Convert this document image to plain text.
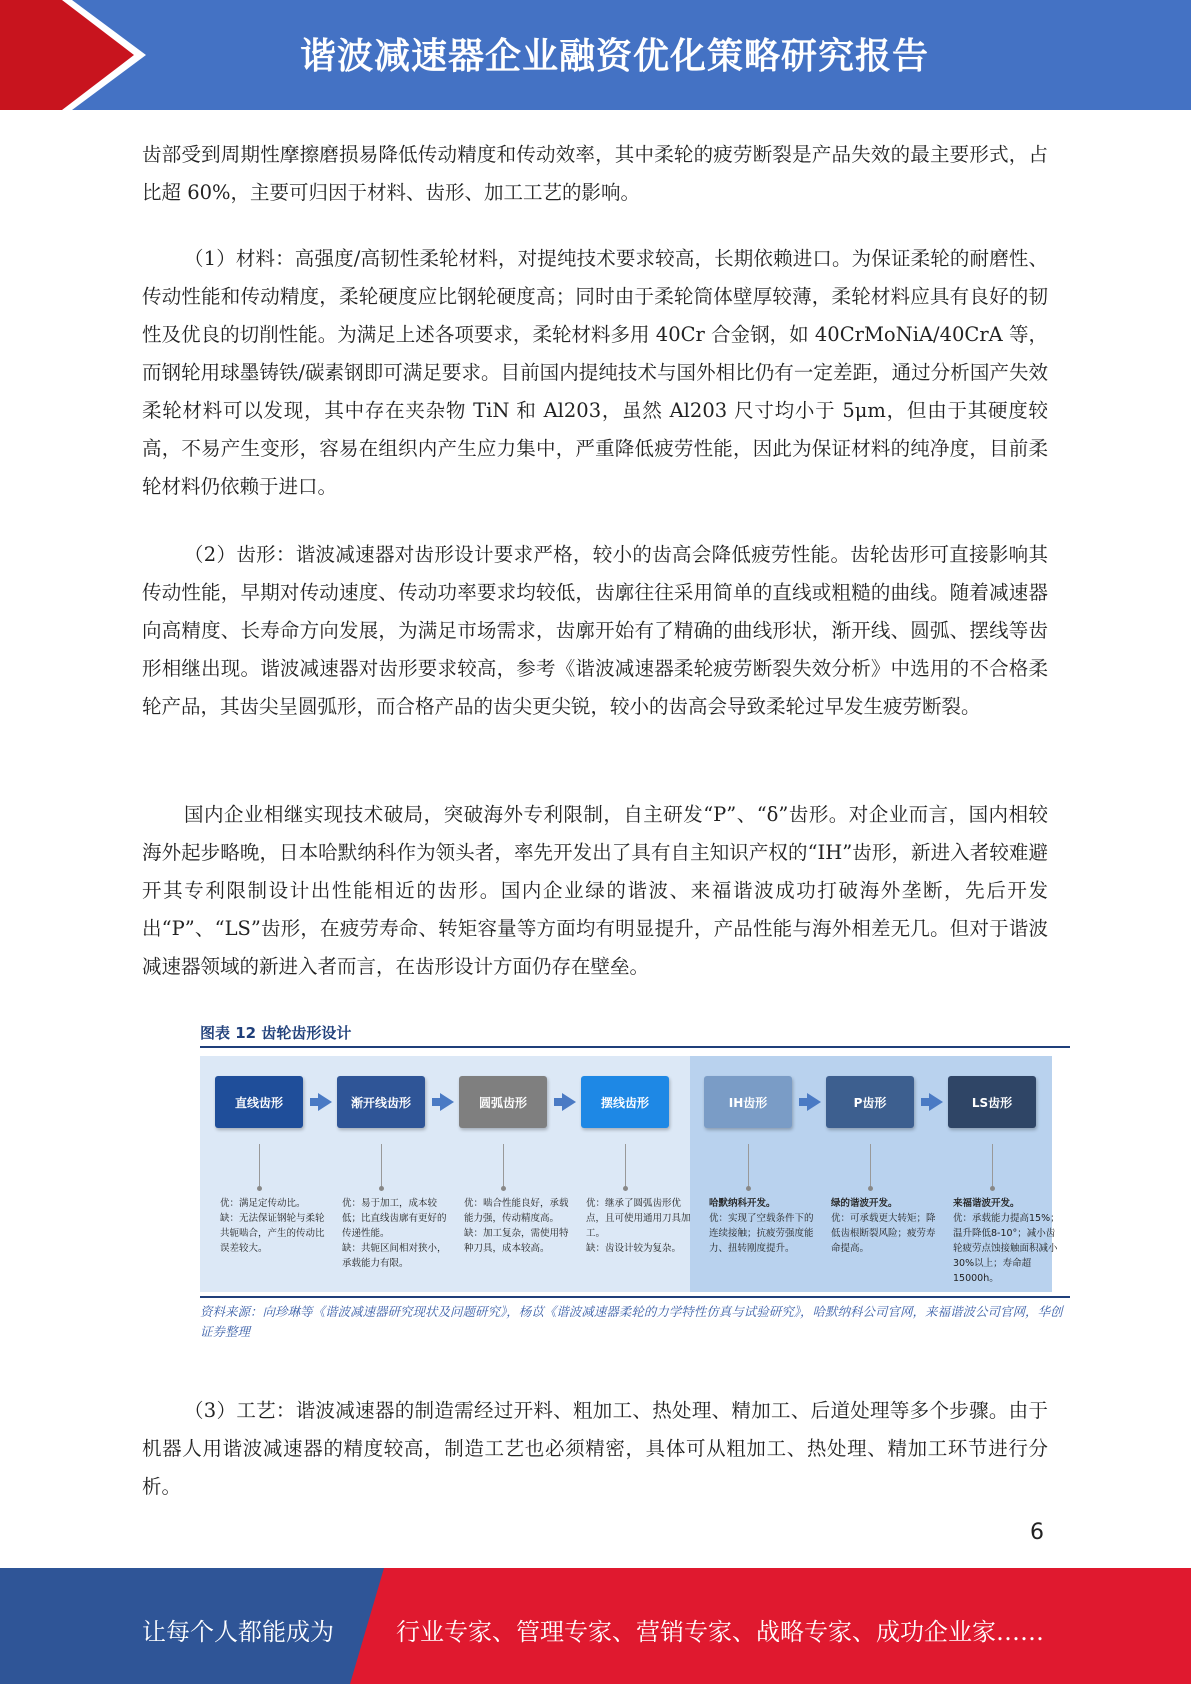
谐波减速器企业融资优化策略研究报告

齿部受到周期性摩擦磨损易降低传动精度和传动效率，其中柔轮的疲劳断裂是产品失效的最主要形式，占比超 60%，主要可归因于材料、齿形、加工工艺的影响。

（1）材料：高强度/高韧性柔轮材料，对提纯技术要求较高，长期依赖进口。为保证柔轮的耐磨性、传动性能和传动精度，柔轮硬度应比钢轮硬度高；同时由于柔轮筒体壁厚较薄，柔轮材料应具有良好的韧性及优良的切削性能。为满足上述各项要求，柔轮材料多用 40Cr 合金钢，如 40CrMoNiA/40CrA 等，而钢轮用球墨铸铁/碳素钢即可满足要求。目前国内提纯技术与国外相比仍有一定差距，通过分析国产失效柔轮材料可以发现，其中存在夹杂物 TiN 和 Al203，虽然 Al203 尺寸均小于 5μm，但由于其硬度较高，不易产生变形，容易在组织内产生应力集中，严重降低疲劳性能，因此为保证材料的纯净度，目前柔轮材料仍依赖于进口。

（2）齿形：谐波减速器对齿形设计要求严格，较小的齿高会降低疲劳性能。齿轮齿形可直接影响其传动性能，早期对传动速度、传动功率要求均较低，齿廓往往采用简单的直线或粗糙的曲线。随着减速器向高精度、长寿命方向发展，为满足市场需求，齿廓开始有了精确的曲线形状，渐开线、圆弧、摆线等齿形相继出现。谐波减速器对齿形要求较高，参考《谐波减速器柔轮疲劳断裂失效分析》中选用的不合格柔轮产品，其齿尖呈圆弧形，而合格产品的齿尖更尖锐，较小的齿高会导致柔轮过早发生疲劳断裂。

国内企业相继实现技术破局，突破海外专利限制，自主研发“P”、“δ”齿形。对企业而言，国内相较海外起步略晚，日本哈默纳科作为领头者，率先开发出了具有自主知识产权的“IH”齿形，新进入者较难避开其专利限制设计出性能相近的齿形。国内企业绿的谐波、来福谐波成功打破海外垄断，先后开发出“P”、“LS”齿形，在疲劳寿命、转矩容量等方面均有明显提升，产品性能与海外相差无几。但对于谐波减速器领域的新进入者而言，在齿形设计方面仍存在壁垒。

图表 12 齿轮齿形设计
直线齿形	渐开线齿形	圆弧齿形	摆线齿形	IH齿形	P齿形	LS齿形
优：满足定传动比。
缺：无法保证钢轮与柔轮共轭啮合，产生的传动比误差较大。
优：易于加工，成本较低；比直线齿廓有更好的传递性能。
缺：共轭区间相对狭小，承载能力有限。
优：啮合性能良好，承载能力强，传动精度高。
缺：加工复杂，需使用特种刀具，成本较高。
优：继承了圆弧齿形优点，且可使用通用刀具加工。
缺：齿设计较为复杂。
哈默纳科开发。
优：实现了空载条件下的连续接触；抗疲劳强度能力、扭转刚度提升。
绿的谐波开发。
优：可承载更大转矩；降低齿根断裂风险；疲劳寿命提高。
来福谐波开发。
优：承载能力提高15%；温升降低8-10°；减小齿轮疲劳点蚀接触面积减小30%以上；寿命超15000h。
资料来源：向珍琳等《谐波减速器研究现状及问题研究》，杨苡《谐波减速器柔轮的力学特性仿真与试验研究》，哈默纳科公司官网，来福谐波公司官网，华创证券整理

（3）工艺：谐波减速器的制造需经过开料、粗加工、热处理、精加工、后道处理等多个步骤。由于机器人用谐波减速器的精度较高，制造工艺也必须精密，具体可从粗加工、热处理、精加工环节进行分析。

6
让每个人都能成为	行业专家、管理专家、营销专家、战略专家、成功企业家……
